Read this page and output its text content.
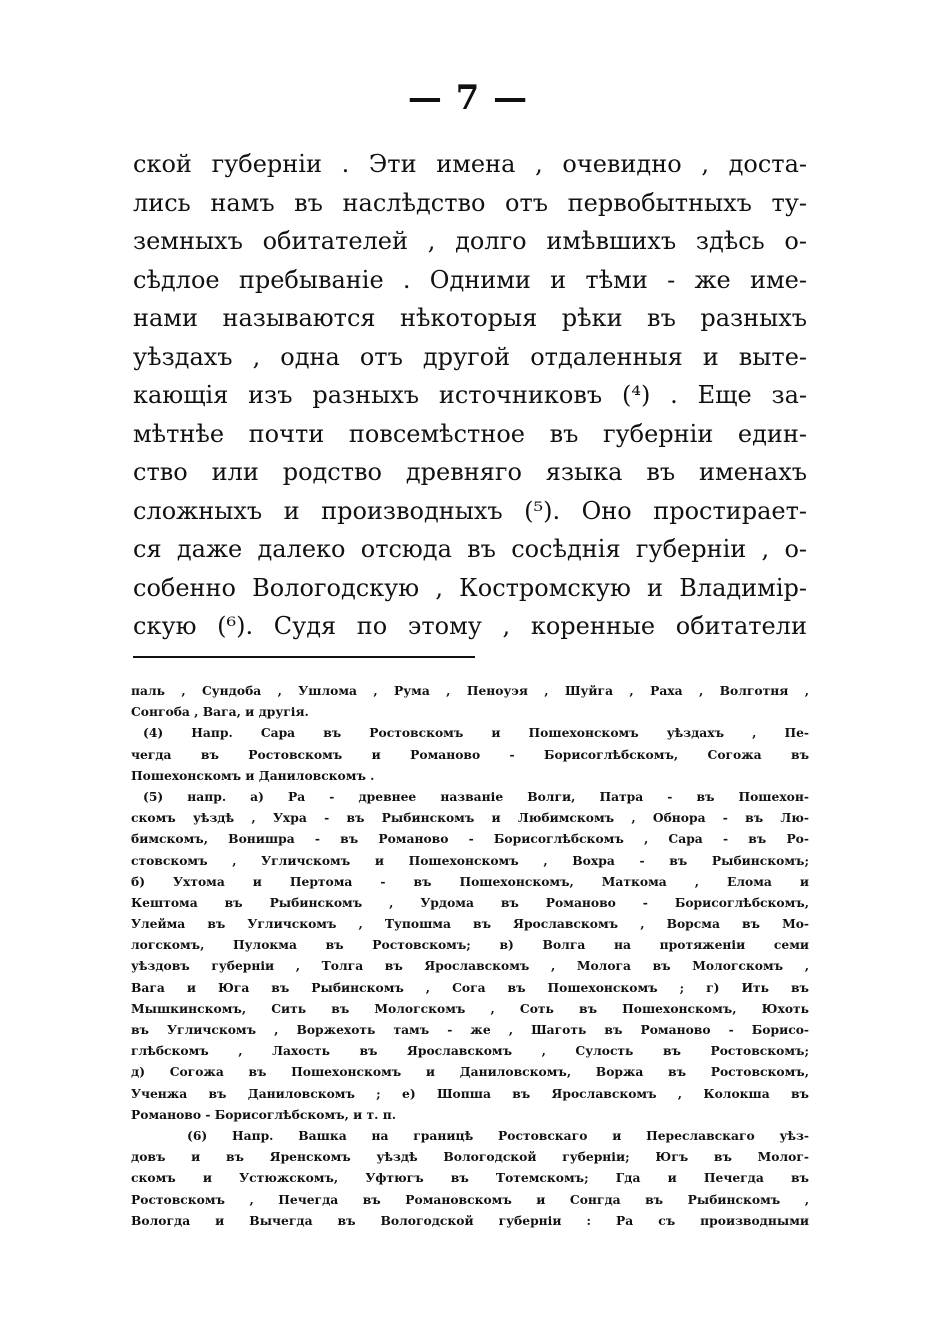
— 7 —
ской губерніи . Эти имена , очевидно , доста-
лись намъ въ наслѣдство отъ первобытныхъ ту-
земныхъ обитателей , долго имѣвшихъ здѣсь о-
сѣдлое пребываніе . Одними и тѣми - же име-
нами называются нѣкоторыя рѣки въ разныхъ
уѣздахъ , одна отъ другой отдаленныя и выте-
кающія изъ разныхъ источниковъ (⁴) . Еще за-
мѣтнѣе почти повсемѣстное въ губерніи един-
ство или родство древняго языка въ именахъ
сложныхъ и производныхъ (⁵). Оно простирает-
ся даже далеко отсюда въ сосѣднія губерніи , о-
собенно Вологодскую , Костромскую и Владимір-
скую (⁶). Судя по этому , коренные обитатели
паль , Сундоба , Ушлома , Рума , Пеноуэя , Шуйга , Раха , Волготня ,
Сонгоба , Вага, и другія.
(4) Напр. Сара въ Ростовскомъ и Пошехонскомъ уѣздахъ , Пе-
чегда въ Ростовскомъ и Романово - Борисоглѣбскомъ, Согожа въ
Пошехонскомъ и Даниловскомъ .
(5) напр. а) Ра - древнее названіе Волги, Патра - въ Пошехон-
скомъ уѣздѣ , Ухра - въ Рыбинскомъ и Любимскомъ , Обнора - въ Лю-
бимскомъ, Вонишра - въ Романово - Борисоглѣбскомъ , Сара - въ Ро-
стовскомъ , Угличскомъ и Пошехонскомъ , Вохра - въ Рыбинскомъ;
б) Ухтома и Пертома - въ Пошехонскомъ, Маткома , Елома и
Кештома въ Рыбинскомъ , Урдома въ Романово - Борисоглѣбскомъ,
Улейма въ Угличскомъ , Тупошма въ Ярославскомъ , Ворсма въ Мо-
логскомъ, Пулокма въ Ростовскомъ; в) Волга на протяженіи семи
уѣздовъ губерніи , Толга въ Ярославскомъ , Молога въ Мологскомъ ,
Вага и Юга въ Рыбинскомъ , Сога въ Пошехонскомъ ; г) Ить въ
Мышкинскомъ, Сить въ Мологскомъ , Соть въ Пошехонскомъ, Юхоть
въ Угличскомъ , Воржехоть тамъ - же , Шаготь въ Романово - Борисо-
глѣбскомъ , Лахость въ Ярославскомъ , Сулость въ Ростовскомъ;
д) Согожа въ Пошехонскомъ и Даниловскомъ, Воржа въ Ростовскомъ,
Ученжа въ Даниловскомъ ; е) Шопша въ Ярославскомъ , Колокша въ
Романово - Борисоглѣбскомъ, и т. п.
(6) Напр. Вашка на границѣ Ростовскаго и Переславскаго уѣз-
довъ и въ Яренскомъ уѣздѣ Вологодской губерніи; Югъ въ Молог-
скомъ и Устюжскомъ, Уфтюгъ въ Тотемскомъ; Гда и Печегда въ
Ростовскомъ , Печегда въ Романовскомъ и Сонгда въ Рыбинскомъ ,
Вологда и Вычегда въ Вологодской губерніи : Ра съ производными
